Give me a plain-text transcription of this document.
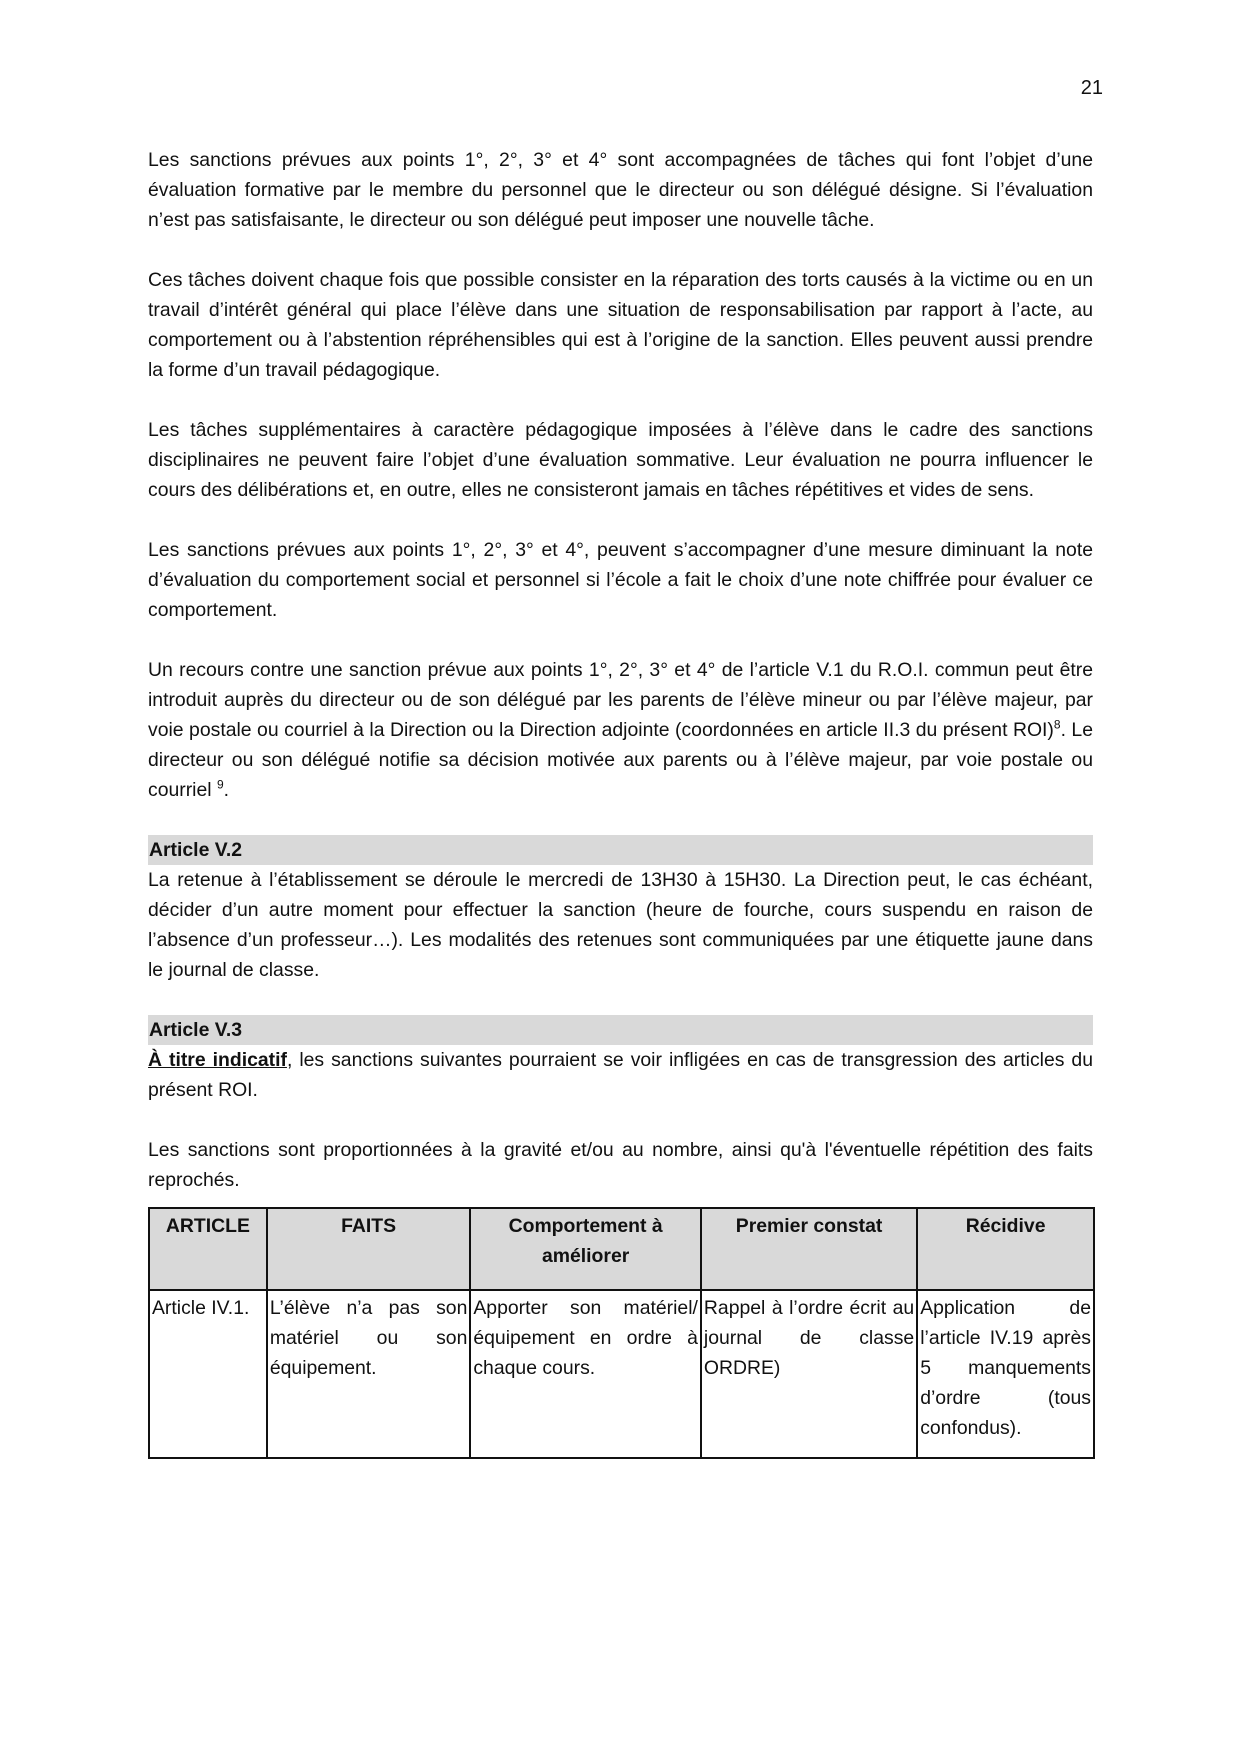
21

Les sanctions prévues aux points 1°, 2°, 3° et 4° sont accompagnées de tâches qui font l’objet d’une évaluation formative par le membre du personnel que le directeur ou son délégué désigne. Si l’évaluation n’est pas satisfaisante, le directeur ou son délégué peut imposer une nouvelle tâche.

Ces tâches doivent chaque fois que possible consister en la réparation des torts causés à la victime ou en un travail d’intérêt général qui place l’élève dans une situation de responsabilisation par rapport à l’acte, au comportement ou à l’abstention répréhensibles qui est à l’origine de la sanction. Elles peuvent aussi prendre la forme d’un travail pédagogique.

Les tâches supplémentaires à caractère pédagogique imposées à l’élève dans le cadre des sanctions disciplinaires ne peuvent faire l’objet d’une évaluation sommative. Leur évaluation ne pourra influencer le cours des délibérations et, en outre, elles ne consisteront jamais en tâches répétitives et vides de sens.

Les sanctions prévues aux points 1°, 2°, 3° et 4°, peuvent s’accompagner d’une mesure diminuant la note d’évaluation du comportement social et personnel si l’école a fait le choix d’une note chiffrée pour évaluer ce comportement.

Un recours contre une sanction prévue aux points 1°, 2°, 3° et 4° de l’article V.1 du R.O.I. commun peut être introduit auprès du directeur ou de son délégué par les parents de l’élève mineur ou par l’élève majeur, par voie postale ou courriel à la Direction ou la Direction adjointe (coordonnées en article II.3 du présent ROI)$^8$. Le directeur ou son délégué notifie sa décision motivée aux parents ou à l’élève majeur, par voie postale ou courriel $^9$.

Article V.2

La retenue à l’établissement se déroule le mercredi de 13H30 à 15H30. La Direction peut, le cas échéant, décider d’un autre moment pour effectuer la sanction (heure de fourche, cours suspendu en raison de l’absence d’un professeur…). Les modalités des retenues sont communiquées par une étiquette jaune dans le journal de classe.

Article V.3

À titre indicatif, les sanctions suivantes pourraient se voir infligées en cas de transgression des articles du présent ROI.

Les sanctions sont proportionnées à la gravité et/ou au nombre, ainsi qu'à l'éventuelle répétition des faits reprochés.

ARTICLE	FAITS	Comportement à améliorer	Premier constat	Récidive
Article IV.1.	L’élève n’a pas son matériel ou son équipement.	Apporter son matériel/équipement en ordre à chaque cours.	Rappel à l’ordre écrit au journal de classe ORDRE)	Application de l’article IV.19 après 5 manquements d’ordre (tous confondus).
